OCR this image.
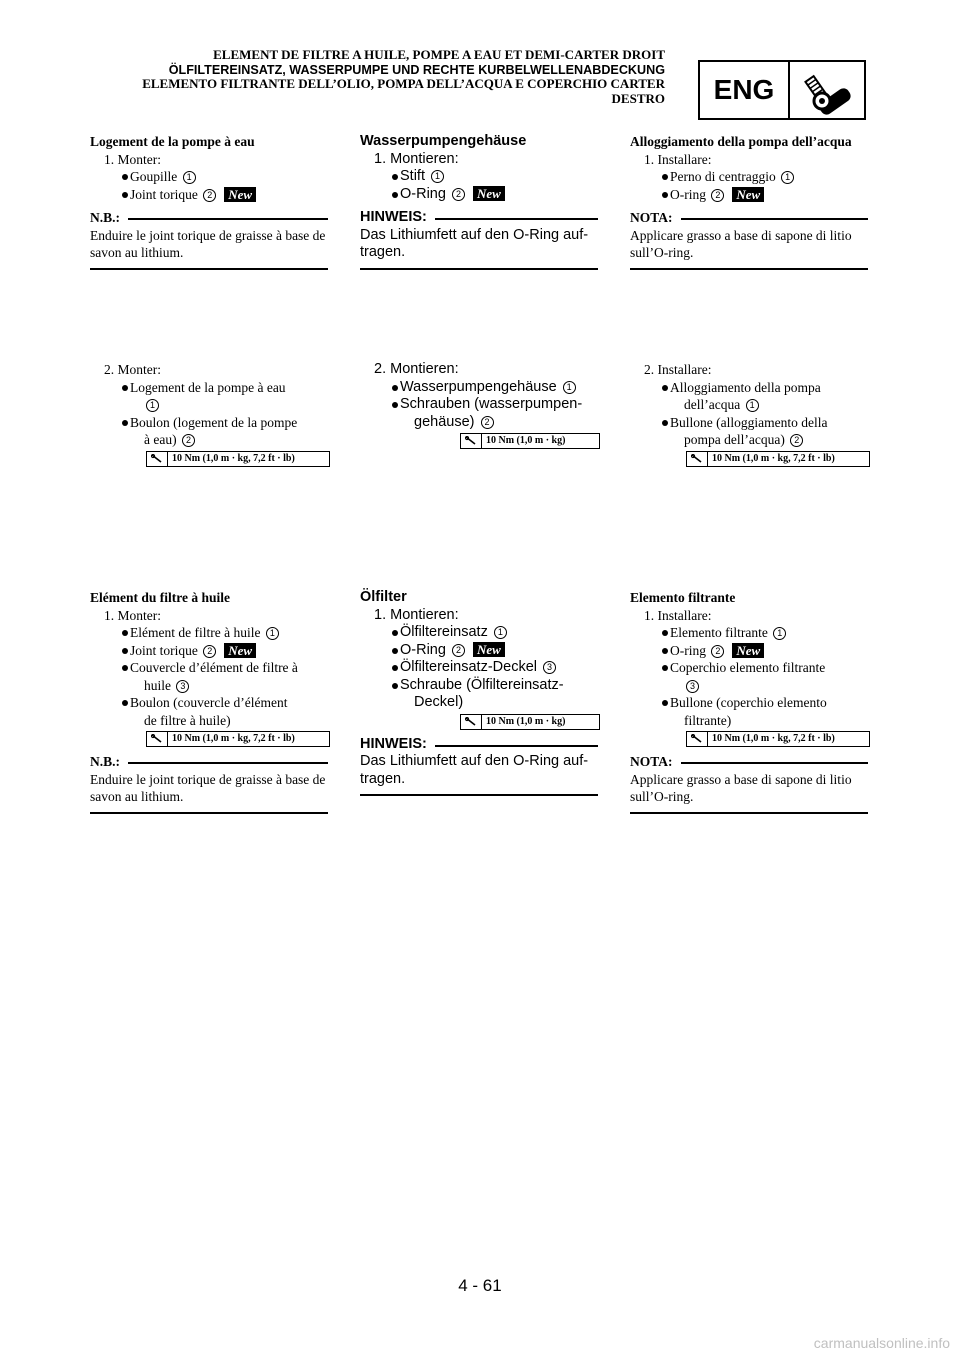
ELEMENT DE FILTRE A HUILE, POMPE A EAU ET DEMI-CARTER DROIT
ÖLFILTEREINSATZ, WASSERPUMPE UND RECHTE KURBELWELLENABDECKUNG
ELEMENTO FILTRANTE DELL’OLIO, POMPA DELL’ACQUA E COPERCHIO CARTER
DESTRO	ENG
Logement de la pompe à eau
1. Monter:
Goupille 1
Joint torique 2 New
N.B.:
Enduire le joint torique de graisse à base de savon au lithium.
2. Monter:
Logement de la pompe à eau
1
Boulon (logement de la pompe
à eau) 2
10 Nm (1,0 m · kg, 7,2 ft · lb)
Elément du filtre à huile
1. Monter:
Elément de filtre à huile 1
Joint torique 2 New
Couvercle d’élément de filtre à
huile 3
Boulon (couvercle d’élément
de filtre à huile)
10 Nm (1,0 m · kg, 7,2 ft · lb)
N.B.:
Enduire le joint torique de graisse à base de savon au lithium.
Wasserpumpengehäuse
1. Montieren:
Stift 1
O-Ring 2 New
HINWEIS:
Das Lithiumfett auf den O-Ring auf-tragen.
2. Montieren:
Wasserpumpengehäuse 1
Schrauben (wasserpumpen-
gehäuse) 2
10 Nm (1,0 m · kg)
Ölfilter
1. Montieren:
Ölfiltereinsatz 1
O-Ring 2 New
Ölfiltereinsatz-Deckel 3
Schraube (Ölfiltereinsatz-
Deckel)
10 Nm (1,0 m · kg)
HINWEIS:
Das Lithiumfett auf den O-Ring auf-tragen.
Alloggiamento della pompa dell’acqua
1. Installare:
Perno di centraggio 1
O-ring 2 New
NOTA:
Applicare grasso a base di sapone di litio sull’O-ring.
2. Installare:
Alloggiamento della pompa
dell’acqua 1
Bullone (alloggiamento della
pompa dell’acqua) 2
10 Nm (1,0 m · kg, 7,2 ft · lb)
Elemento filtrante
1. Installare:
Elemento filtrante 1
O-ring 2 New
Coperchio elemento filtrante
3
Bullone (coperchio elemento
filtrante)
10 Nm (1,0 m · kg, 7,2 ft · lb)
NOTA:
Applicare grasso a base di sapone di litio sull’O-ring.
4 - 61
carmanualsonline.info
